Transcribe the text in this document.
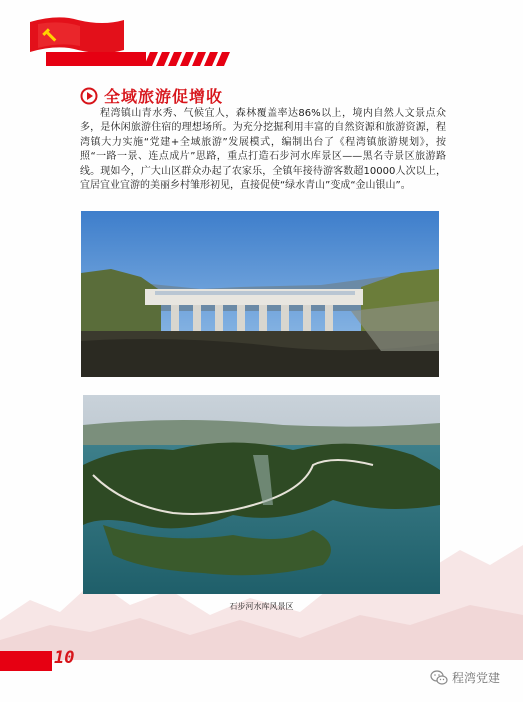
全域旅游促增收

程湾镇山青水秀、气候宜人，森林覆盖率达86%以上，境内自然人文景点众多，是休闲旅游住宿的理想场所。为充分挖掘利用丰富的自然资源和旅游资源，程湾镇大力实施“党建+全域旅游”发展模式，编制出台了《程湾镇旅游规划》，按照“一路一景、连点成片”思路，重点打造石步河水库景区——黑名寺景区旅游路线。现如今，广大山区群众办起了农家乐，全镇年接待游客数超10000人次以上，宜居宜业宜游的美丽乡村雏形初见，直接促使“绿水青山”变成“金山银山”。

石步河水库风景区
10
程湾党建
